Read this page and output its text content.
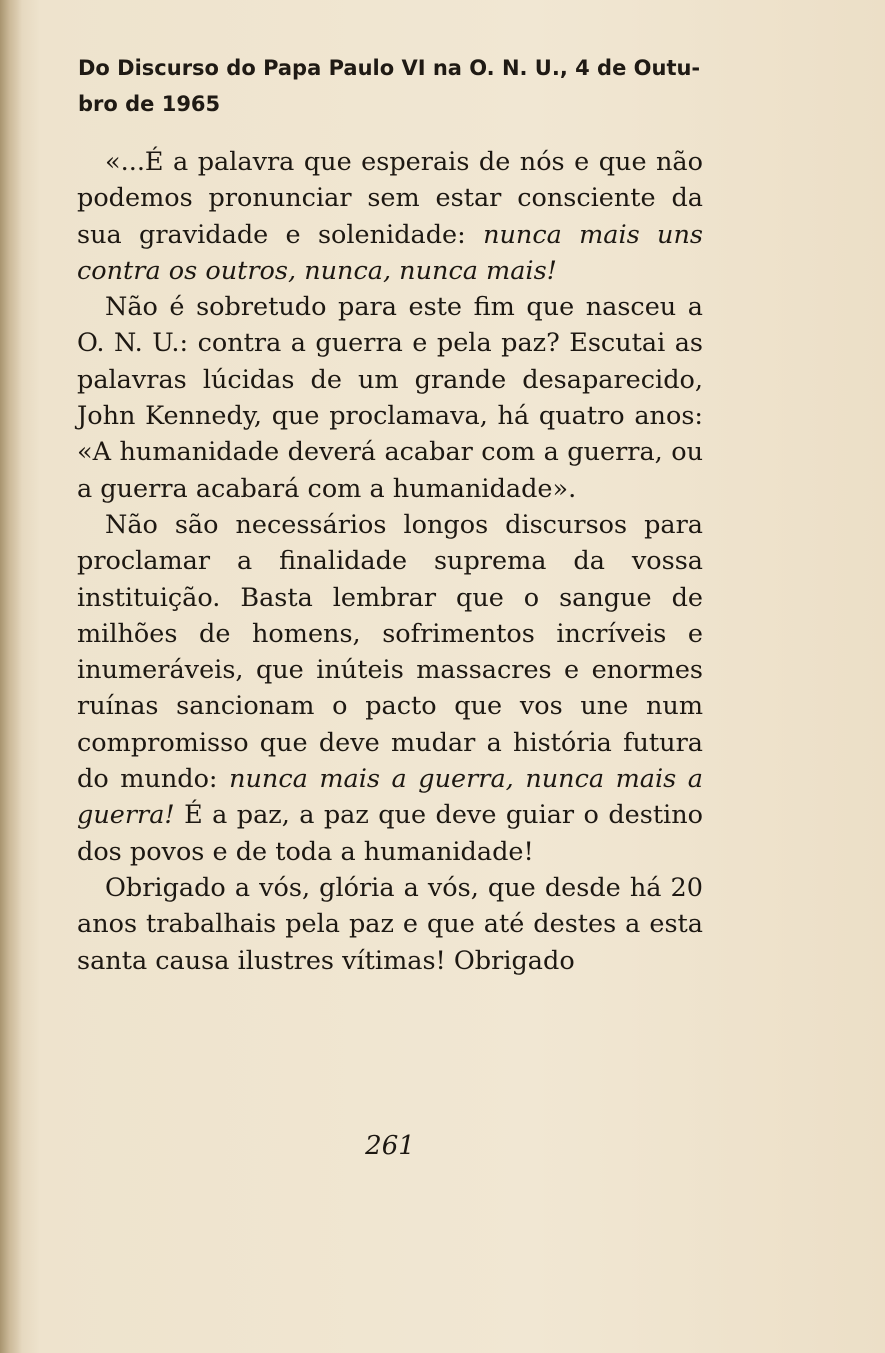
Do Discurso do Papa Paulo VI na O. N. U., 4 de Outu-
bro de 1965

«...É a palavra que esperais de nós e que não podemos pronunciar sem estar consciente da sua gravidade e solenidade: nunca mais uns contra os outros, nunca, nunca mais!

Não é sobretudo para este fim que nasceu a O. N. U.: contra a guerra e pela paz? Escutai as palavras lúcidas de um grande desaparecido, John Kennedy, que proclamava, há quatro anos: «A humanidade deverá acabar com a guerra, ou a guerra acabará com a humanidade».

Não são necessários longos discursos para proclamar a finalidade suprema da vossa instituição. Basta lembrar que o sangue de milhões de homens, sofrimentos incríveis e inumeráveis, que inúteis massacres e enormes ruínas sancionam o pacto que vos une num compromisso que deve mudar a história futura do mundo: nunca mais a guerra, nunca mais a guerra! É a paz, a paz que deve guiar o destino dos povos e de toda a humanidade!

Obrigado a vós, glória a vós, que desde há 20 anos trabalhais pela paz e que até destes a esta santa causa ilustres vítimas! Obrigado

261
